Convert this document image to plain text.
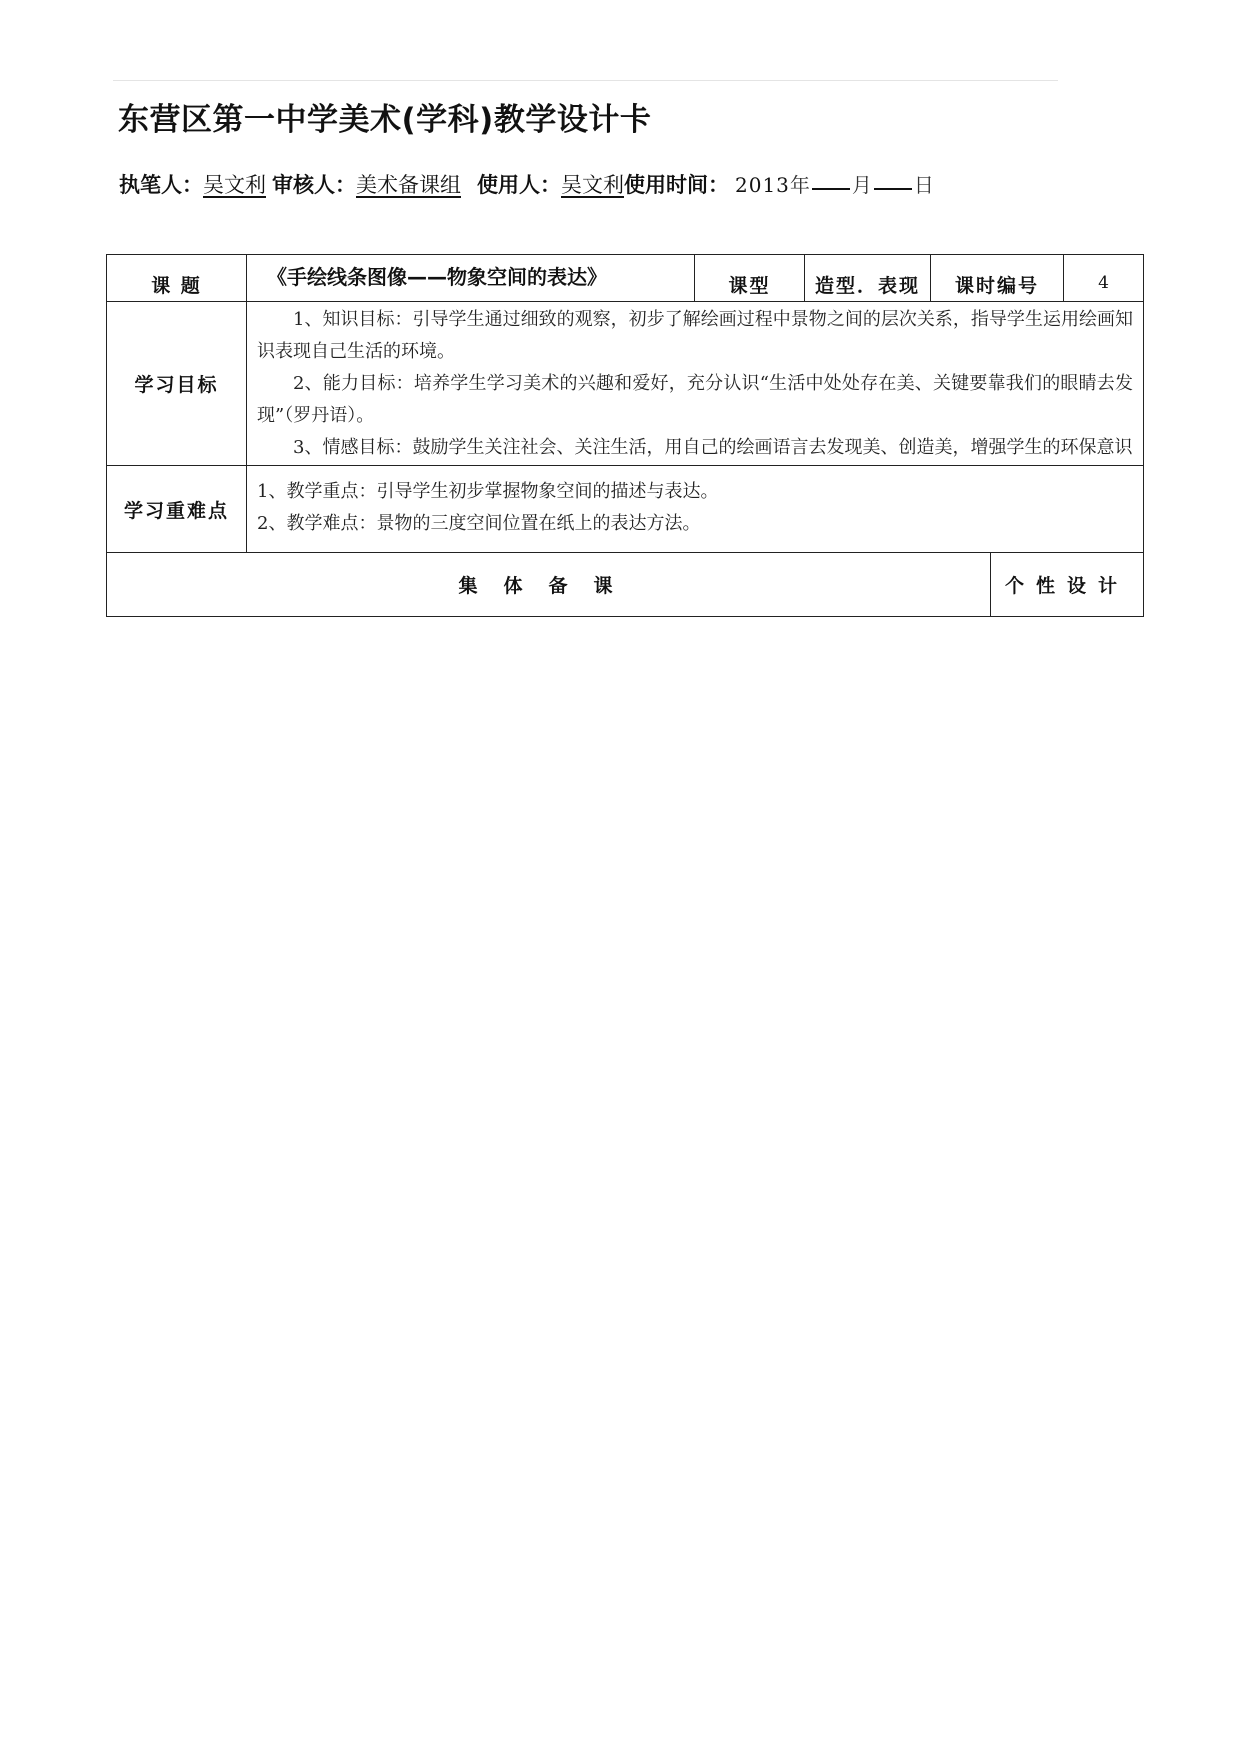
东营区第一中学美术(学科)教学设计卡
执笔人： 吴文利 审核人： 美术备课组 使用人： 吴文利 使用时间： 2013 年 月 日
课 题	《手绘线条图像——物象空间的表达》	课型	造型．表现	课时编号		4

学习目标	1、知识目标：引导学生通过细致的观察，初步了解绘画过程中景物之间的层次关系，指导学生运用绘画知识表现自己生活的环境。

2、能力目标：培养学生学习美术的兴趣和爱好，充分认识“生活中处处存在美、关键要靠我们的眼睛去发现”（罗丹语）。

3、情感目标：鼓励学生关注社会、关注生活，用自己的绘画语言去发现美、创造美，增强学生的环保意识					

学习重难点	1、教学重点：引导学生初步掌握物象空间的描述与表达。

2、教学难点：景物的三度空间位置在纸上的表达方法。					

集体备课					个性设计	
